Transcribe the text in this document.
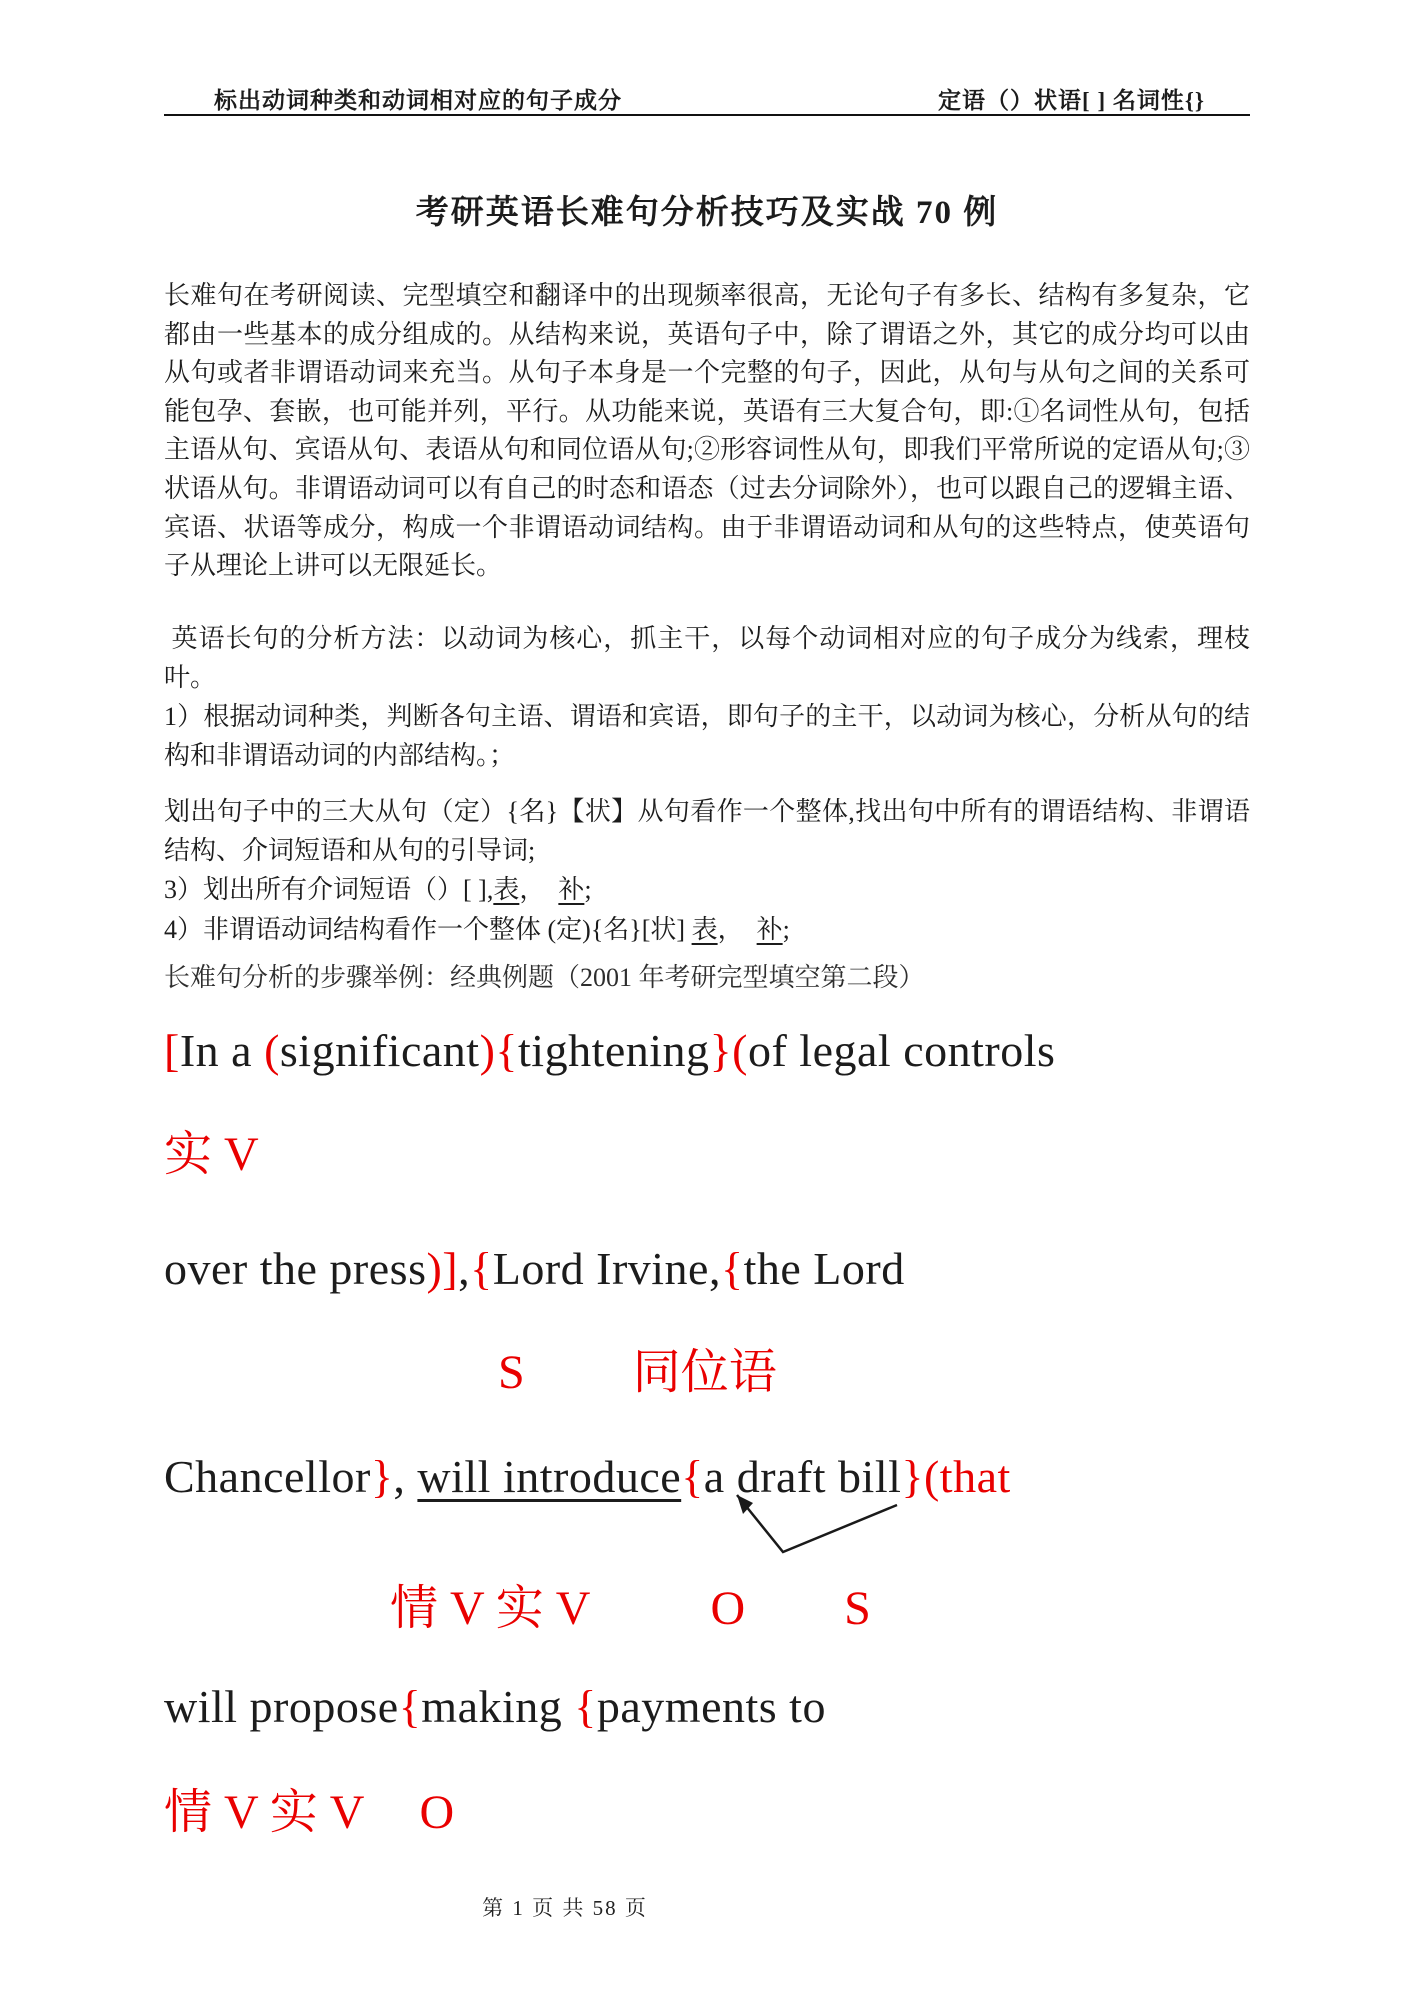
标出动词种类和动词相对应的句子成分	定语（）状语[ ] 名词性{}
考研英语长难句分析技巧及实战 70 例

长难句在考研阅读、完型填空和翻译中的出现频率很高，无论句子有多长、结构有多复杂，它都由一些基本的成分组成的。从结构来说，英语句子中，除了谓语之外，其它的成分均可以由从句或者非谓语动词来充当。从句子本身是一个完整的句子，因此，从句与从句之间的关系可能包孕、套嵌，也可能并列，平行。从功能来说，英语有三大复合句，即:①名词性从句，包括主语从句、宾语从句、表语从句和同位语从句;②形容词性从句，即我们平常所说的定语从句;③状语从句。非谓语动词可以有自己的时态和语态（过去分词除外），也可以跟自己的逻辑主语、宾语、状语等成分，构成一个非谓语动词结构。由于非谓语动词和从句的这些特点，使英语句子从理论上讲可以无限延长。

英语长句的分析方法：以动词为核心，抓主干，以每个动词相对应的句子成分为线索，理枝叶。

1）根据动词种类，判断各句主语、谓语和宾语，即句子的主干，以动词为核心，分析从句的结构和非谓语动词的内部结构。；

划出句子中的三大从句（定）{名}【状】从句看作一个整体,找出句中所有的谓语结构、非谓语结构、介词短语和从句的引导词;

3）划出所有介词短语（）[ ],表，  补;

4）非谓语动词结构看作一个整体 (定){名}[状] 表，  补;

长难句分析的步骤举例：经典例题（2001 年考研完型填空第二段）

[In a (significant){tightening}(of legal controls

实 V

over the press)],{Lord Irvine,{the Lord

S 同位语

Chancellor}, will introduce{a draft bill}(that

情 V 实 V	O S

will propose{making {payments to

情 V 实 V O

第 1 页 共 58 页
